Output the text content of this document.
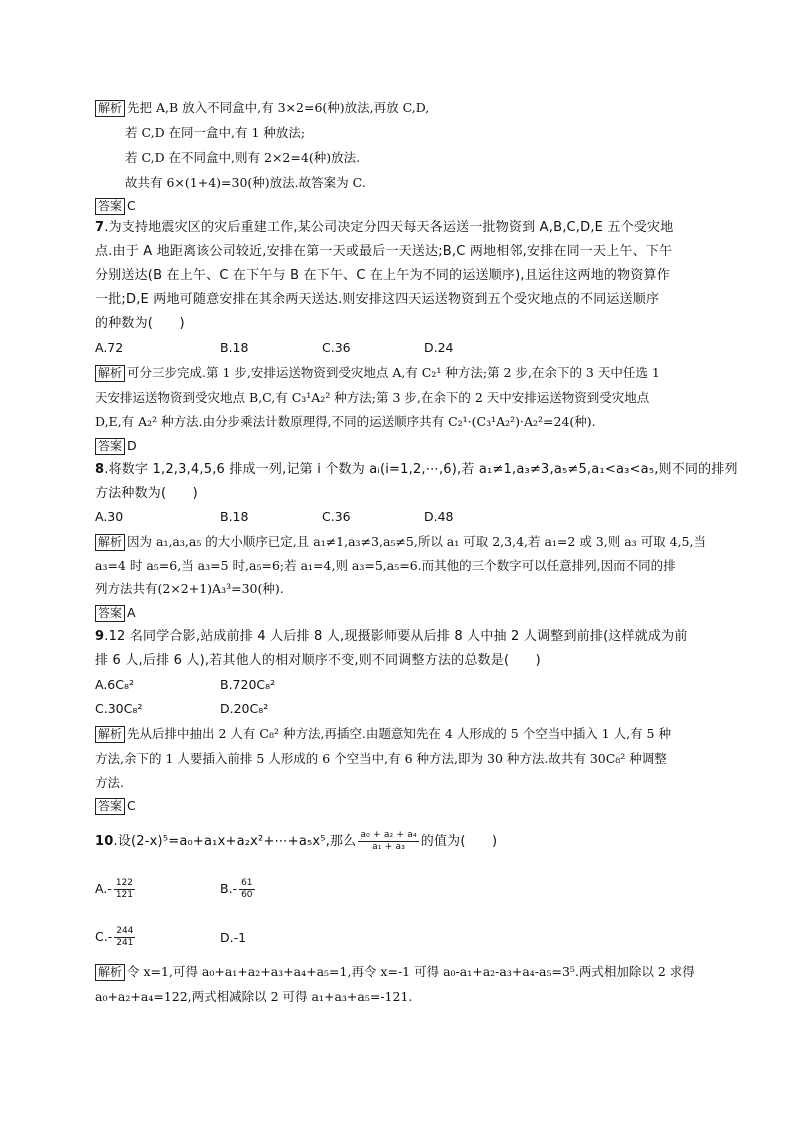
解析 先把 A,B 放入不同盒中,有 3×2=6(种)放法,再放 C,D,
若 C,D 在同一盒中,有 1 种放法;
若 C,D 在不同盒中,则有 2×2=4(种)放法.
故共有 6×(1+4)=30(种)放法.故答案为 C.
答案 C
7.为支持地震灾区的灾后重建工作,某公司决定分四天每天各运送一批物资到 A,B,C,D,E 五个受灾地
点.由于 A 地距离该公司较近,安排在第一天或最后一天送达;B,C 两地相邻,安排在同一天上午、下午
分别送达(B 在上午、C 在下午与 B 在下午、C 在上午为不同的运送顺序),且运往这两地的物资算作
一批;D,E 两地可随意安排在其余两天送达.则安排这四天运送物资到五个受灾地点的不同运送顺序
的种数为(　　)
A.72	B.18	C.36	D.24
解析 可分三步完成.第 1 步,安排运送物资到受灾地点 A,有 C₂¹ 种方法;第 2 步,在余下的 3 天中任选 1
天安排运送物资到受灾地点 B,C,有 C₃¹A₂² 种方法;第 3 步,在余下的 2 天中安排运送物资到受灾地点
D,E,有 A₂² 种方法.由分步乘法计数原理得,不同的运送顺序共有 C₂¹·(C₃¹A₂²)·A₂²=24(种).
答案 D
8.将数字 1,2,3,4,5,6 排成一列,记第 i 个数为 aᵢ(i=1,2,⋯,6),若 a₁≠1,a₃≠3,a₅≠5,a₁<a₃<a₅,则不同的排列
方法种数为(　　)
A.30	B.18	C.36	D.48
解析 因为 a₁,a₃,a₅ 的大小顺序已定,且 a₁≠1,a₃≠3,a₅≠5,所以 a₁ 可取 2,3,4,若 a₁=2 或 3,则 a₃ 可取 4,5,当
a₃=4 时 a₅=6,当 a₃=5 时,a₅=6;若 a₁=4,则 a₃=5,a₅=6.而其他的三个数字可以任意排列,因而不同的排
列方法共有(2×2+1)A₃³=30(种).
答案 A
9.12 名同学合影,站成前排 4 人后排 8 人,现摄影师要从后排 8 人中抽 2 人调整到前排(这样就成为前
排 6 人,后排 6 人),若其他人的相对顺序不变,则不同调整方法的总数是(　　)
A.6C₈²	B.720C₈²
C.30C₈²	D.20C₈²
解析 先从后排中抽出 2 人有 C₈² 种方法,再插空.由题意知先在 4 人形成的 5 个空当中插入 1 人,有 5 种
方法,余下的 1 人要插入前排 5 人形成的 6 个空当中,有 6 种方法,即为 30 种方法.故共有 30C₈² 种调整
方法.
答案 C
10.设(2-x)⁵=a₀+a₁x+a₂x²+⋯+a₅x⁵,那么 $\frac{\text{a₀ + a₂ + a₄}}{\text{a₁ + a₃}}$ 的值为(　　)
$A.- \frac{122}{121}$	$B.- \frac{61}{60}$
$C.- \frac{244}{241}$	D.-1
解析 令 x=1,可得 a₀+a₁+a₂+a₃+a₄+a₅=1,再令 x=-1 可得 a₀-a₁+a₂-a₃+a₄-a₅=3⁵.两式相加除以 2 求得
a₀+a₂+a₄=122,两式相减除以 2 可得 a₁+a₃+a₅=-121.
